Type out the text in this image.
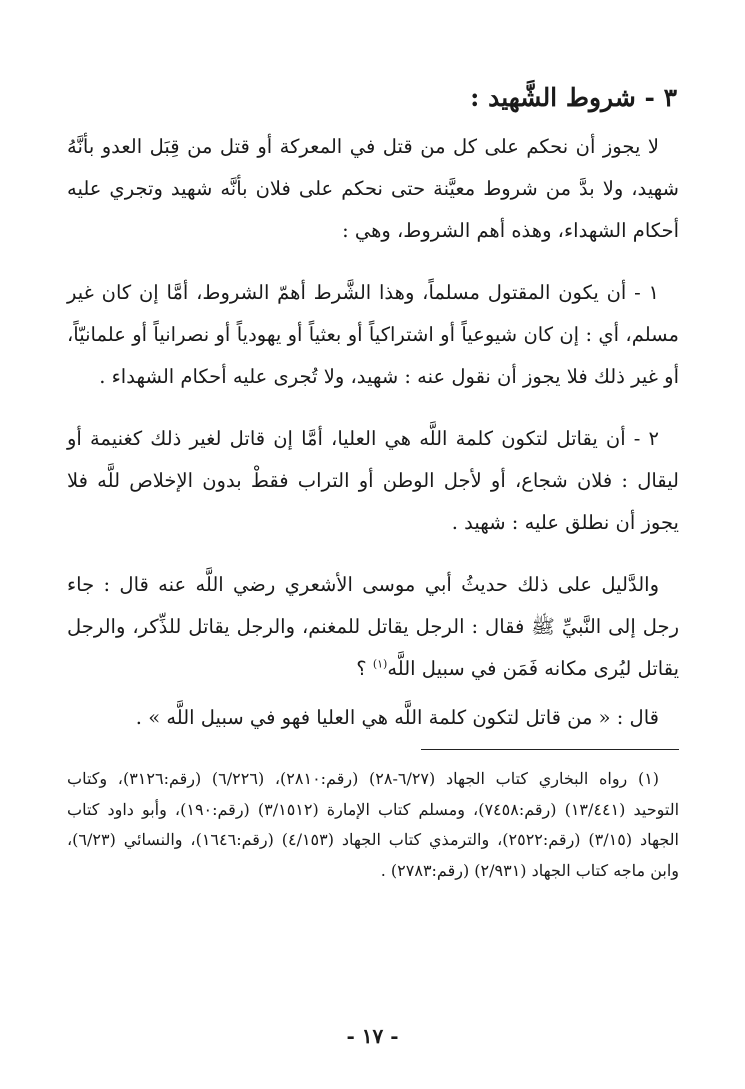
٣ - شروط الشَّهيد :

لا يجوز أن نحكم على كل من قتل في المعركة أو قتل من قِبَل العدو بأنَّهُ شهيد، ولا بدَّ من شروط معيَّنة حتى نحكم على فلان بأنَّه شهيد وتجري عليه أحكام الشهداء، وهذه أهم الشروط، وهي :

١ - أن يكون المقتول مسلماً، وهذا الشَّرط أهمّ الشروط، أمَّا إن كان غير مسلم، أي : إن كان شيوعياً أو اشتراكياً أو بعثياً أو يهودياً أو نصرانياً أو علمانيّاً، أو غير ذلك فلا يجوز أن نقول عنه : شهيد، ولا تُجرى عليه أحكام الشهداء .

٢ - أن يقاتل لتكون كلمة اللَّه هي العليا، أمَّا إن قاتل لغير ذلك كغنيمة أو ليقال : فلان شجاع، أو لأجل الوطن أو التراب فقطْ بدون الإخلاص للَّه فلا يجوز أن نطلق عليه : شهيد .

والدَّليل على ذلك حديثُ أبي موسى الأشعري رضي اللَّه عنه قال : جاء رجل إلى النَّبيِّ ﷺ فقال : الرجل يقاتل للمغنم، والرجل يقاتل للذِّكر، والرجل يقاتل ليُرى مكانه فَمَن في سبيل اللَّه$^{(١)}$ ؟

قال : « من قاتل لتكون كلمة اللَّه هي العليا فهو في سبيل اللَّه » .

(١) رواه البخاري كتاب الجهاد (٦/٢٧-٢٨) (رقم:٢٨١٠)، (٦/٢٢٦) (رقم:٣١٢٦)، وكتاب التوحيد (١٣/٤٤١) (رقم:٧٤٥٨)، ومسلم كتاب الإمارة (٣/١٥١٢) (رقم:١٩٠)، وأبو داود كتاب الجهاد (٣/١٥) (رقم:٢٥٢٢)، والترمذي كتاب الجهاد (٤/١٥٣) (رقم:١٦٤٦)، والنسائي (٦/٢٣)، وابن ماجه كتاب الجهاد (٢/٩٣١) (رقم:٢٧٨٣) .

- ١٧ -
